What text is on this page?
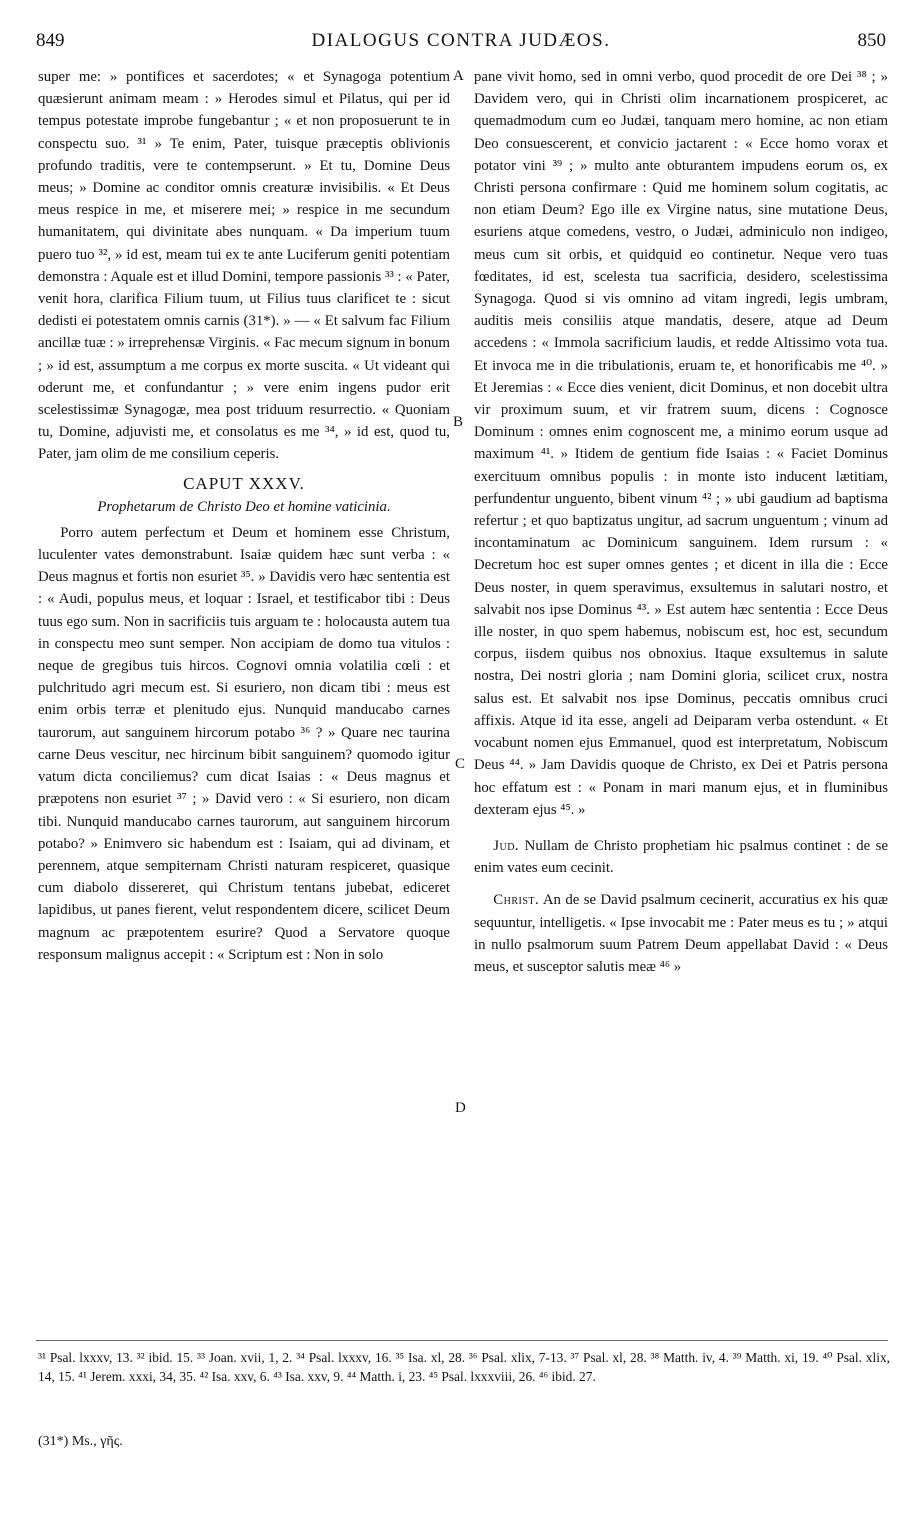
849	DIALOGUS CONTRA JUDÆOS.	850

super me: » pontifices et sacerdotes; « et Synagoga potentium quæsierunt animam meam : » Herodes simul et Pilatus, qui per id tempus potestate improbe fungebantur ; « et non proposuerunt te in conspectu suo. ³¹ » Te enim, Pater, tuisque præceptis oblivionis profundo traditis, vere te contempserunt. » Et tu, Domine Deus meus; » Domine ac conditor omnis creaturæ invisibilis. « Et Deus meus respice in me, et miserere mei; » respice in me secundum humanitatem, qui divinitate abes nunquam. « Da imperium tuum puero tuo ³², » id est, meam tui ex te ante Luciferum geniti potentiam demonstra : Aquale est et illud Domini, tempore passionis ³³ : « Pater, venit hora, clarifica Filium tuum, ut Filius tuus clarificet te : sicut dedisti ei potestatem omnis carnis (31*). » — « Et salvum fac Filium ancillæ tuæ : » irreprehensæ Virginis. « Fac mecum signum in bonum ; » id est, assumptum a me corpus ex morte suscita. « Ut videant qui oderunt me, et confundantur ; » vere enim ingens pudor erit scelestissimæ Synagogæ, mea post triduum resurrectio. « Quoniam tu, Domine, adjuvisti me, et consolatus es me ³⁴, » id est, quod tu, Pater, jam olim de me consilium ceperis.

CAPUT XXXV.
Prophetarum de Christo Deo et homine vaticinia.

Porro autem perfectum et Deum et hominem esse Christum, luculenter vates demonstrabunt. Isaiæ quidem hæc sunt verba : « Deus magnus et fortis non esuriet ³⁵. » Davidis vero hæc sententia est : « Audi, populus meus, et loquar : Israel, et testificabor tibi : Deus tuus ego sum. Non in sacrificiis tuis arguam te : holocausta autem tua in conspectu meo sunt semper. Non accipiam de domo tua vitulos : neque de gregibus tuis hircos. Cognovi omnia volatilia cœli : et pulchritudo agri mecum est. Si esuriero, non dicam tibi : meus est enim orbis terræ et plenitudo ejus. Nunquid manducabo carnes taurorum, aut sanguinem hircorum potabo ³⁶ ? » Quare nec taurina carne Deus vescitur, nec hircinum bibit sanguinem? quomodo igitur vatum dicta conciliemus? cum dicat Isaias : « Deus magnus et præpotens non esuriet ³⁷ ; » David vero : « Si esuriero, non dicam tibi. Nunquid manducabo carnes taurorum, aut sanguinem hircorum potabo? » Enimvero sic habendum est : Isaiam, qui ad divinam, et perennem, atque sempiternam Christi naturam respiceret, quasique cum diabolo dissereret, qui Christum tentans jubebat, ediceret lapidibus, ut panes fierent, velut respondentem dicere, scilicet Deum magnum ac præpotentem esurire? Quod a Servatore quoque responsum malignus accepit : « Scriptum est : Non in solo

A
B
C
D

pane vivit homo, sed in omni verbo, quod procedit de ore Dei ³⁸ ; » Davidem vero, qui in Christi olim incarnationem prospiceret, ac quemadmodum cum eo Judæi, tanquam mero homine, ac non etiam Deo consuescerent, et convicio jactarent : « Ecce homo vorax et potator vini ³⁹ ; » multo ante obturantem impudens eorum os, ex Christi persona confirmare : Quid me hominem solum cogitatis, ac non etiam Deum? Ego ille ex Virgine natus, sine mutatione Deus, esuriens atque comedens, vestro, o Judæi, adminiculo non indigeo, meus cum sit orbis, et quidquid eo continetur. Neque vero tuas fœditates, id est, scelesta tua sacrificia, desidero, scelestissima Synagoga. Quod si vis omnino ad vitam ingredi, legis umbram, auditis meis consiliis atque mandatis, desere, atque ad Deum accedens : « Immola sacrificium laudis, et redde Altissimo vota tua. Et invoca me in die tribulationis, eruam te, et honorificabis me ⁴⁰. » Et Jeremias : « Ecce dies venient, dicit Dominus, et non docebit ultra vir proximum suum, et vir fratrem suum, dicens : Cognosce Dominum : omnes enim cognoscent me, a minimo eorum usque ad maximum ⁴¹. » Itidem de gentium fide Isaias : « Faciet Dominus exercituum omnibus populis : in monte isto inducent lætitiam, perfundentur unguento, bibent vinum ⁴² ; » ubi gaudium ad baptisma refertur ; et quo baptizatus ungitur, ad sacrum unguentum ; vinum ad incontaminatum ac Dominicum sanguinem. Idem rursum : « Decretum hoc est super omnes gentes ; et dicent in illa die : Ecce Deus noster, in quem speravimus, exsultemus in salutari nostro, et salvabit nos ipse Dominus ⁴³. » Est autem hæc sententia : Ecce Deus ille noster, in quo spem habemus, nobiscum est, hoc est, secundum corpus, iisdem quibus nos obnoxius. Itaque exsultemus in salute nostra, Dei nostri gloria ; nam Domini gloria, scilicet crux, nostra salus est. Et salvabit nos ipse Dominus, peccatis omnibus cruci affixis. Atque id ita esse, angeli ad Deiparam verba ostendunt. « Et vocabunt nomen ejus Emmanuel, quod est interpretatum, Nobiscum Deus ⁴⁴. » Jam Davidis quoque de Christo, ex Dei et Patris persona hoc effatum est : « Ponam in mari manum ejus, et in fluminibus dexteram ejus ⁴⁵. »

Jud. Nullam de Christo prophetiam hic psalmus continet : de se enim vates eum cecinit.

Christ. An de se David psalmum cecinerit, accuratius ex his quæ sequuntur, intelligetis. « Ipse invocabit me : Pater meus es tu ; » atqui in nullo psalmorum suum Patrem Deum appellabat David : « Deus meus, et susceptor salutis meæ ⁴⁶ »

³¹ Psal. lxxxv, 13. ³² ibid. 15. ³³ Joan. xvii, 1, 2. ³⁴ Psal. lxxxv, 16. ³⁵ Isa. xl, 28. ³⁶ Psal. xlix, 7-13. ³⁷ Psal. xl, 28. ³⁸ Matth. iv, 4. ³⁹ Matth. xi, 19. ⁴⁰ Psal. xlix, 14, 15. ⁴¹ Jerem. xxxi, 34, 35. ⁴² Isa. xxv, 6. ⁴³ Isa. xxv, 9. ⁴⁴ Matth. i, 23. ⁴⁵ Psal. lxxxviii, 26. ⁴⁶ ibid. 27.
(31*) Ms., γῆς.
